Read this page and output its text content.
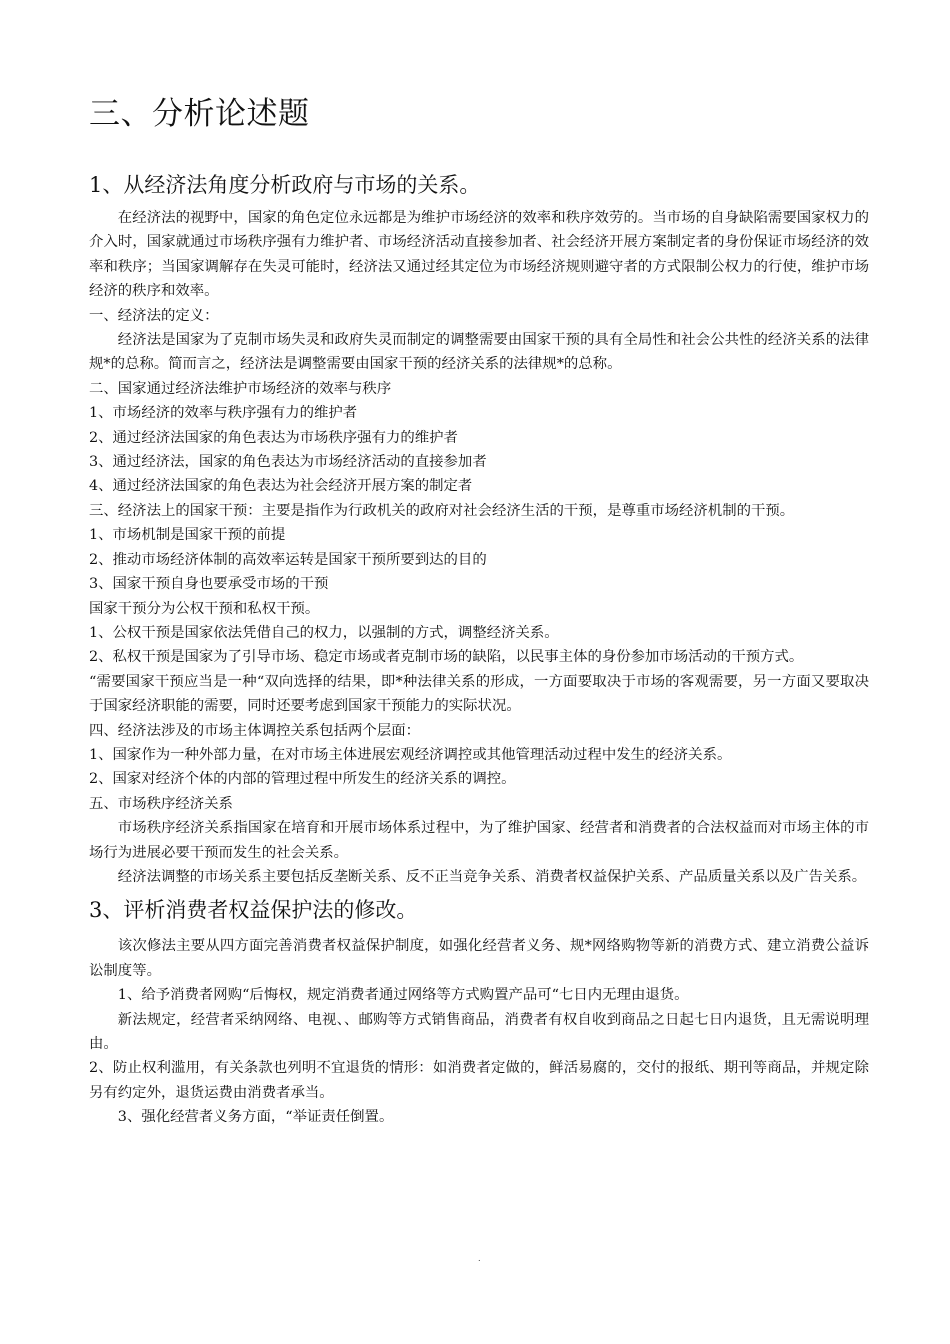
三、分析论述题
1、从经济法角度分析政府与市场的关系。

在经济法的视野中，国家的角色定位永远都是为维护市场经济的效率和秩序效劳的。当市场的自身缺陷需要国家权力的介入时，国家就通过市场秩序强有力维护者、市场经济活动直接参加者、社会经济开展方案制定者的身份保证市场经济的效率和秩序；当国家调解存在失灵可能时，经济法又通过经其定位为市场经济规则避守者的方式限制公权力的行使，维护市场经济的秩序和效率。

一、经济法的定义：

经济法是国家为了克制市场失灵和政府失灵而制定的调整需要由国家干预的具有全局性和社会公共性的经济关系的法律规*的总称。简而言之，经济法是调整需要由国家干预的经济关系的法律规*的总称。

二、国家通过经济法维护市场经济的效率与秩序

1、市场经济的效率与秩序强有力的维护者

2、通过经济法国家的角色表达为市场秩序强有力的维护者

3、通过经济法，国家的角色表达为市场经济活动的直接参加者

4、通过经济法国家的角色表达为社会经济开展方案的制定者

三、经济法上的国家干预：主要是指作为行政机关的政府对社会经济生活的干预，是尊重市场经济机制的干预。

1、市场机制是国家干预的前提

2、推动市场经济体制的高效率运转是国家干预所要到达的目的

3、国家干预自身也要承受市场的干预

国家干预分为公权干预和私权干预。

1、公权干预是国家依法凭借自己的权力，以强制的方式，调整经济关系。

2、私权干预是国家为了引导市场、稳定市场或者克制市场的缺陷，以民事主体的身份参加市场活动的干预方式。

“需要国家干预应当是一种“双向选择的结果，即*种法律关系的形成，一方面要取决于市场的客观需要，另一方面又要取决于国家经济职能的需要，同时还要考虑到国家干预能力的实际状况。

四、经济法涉及的市场主体调控关系包括两个层面：

1、国家作为一种外部力量，在对市场主体进展宏观经济调控或其他管理活动过程中发生的经济关系。

2、国家对经济个体的内部的管理过程中所发生的经济关系的调控。

五、市场秩序经济关系

市场秩序经济关系指国家在培育和开展市场体系过程中，为了维护国家、经营者和消费者的合法权益而对市场主体的市场行为进展必要干预而发生的社会关系。

经济法调整的市场关系主要包括反垄断关系、反不正当竞争关系、消费者权益保护关系、产品质量关系以及广告关系。

3、评析消费者权益保护法的修改。

该次修法主要从四方面完善消费者权益保护制度，如强化经营者义务、规*网络购物等新的消费方式、建立消费公益诉讼制度等。

1、给予消费者网购“后悔权，规定消费者通过网络等方式购置产品可“七日内无理由退货。

新法规定，经营者采纳网络、电视、、邮购等方式销售商品，消费者有权自收到商品之日起七日内退货，且无需说明理由。

2、防止权利滥用，有关条款也列明不宜退货的情形：如消费者定做的，鲜活易腐的，交付的报纸、期刊等商品，并规定除另有约定外，退货运费由消费者承当。

3、强化经营者义务方面，“举证责任倒置。

.
